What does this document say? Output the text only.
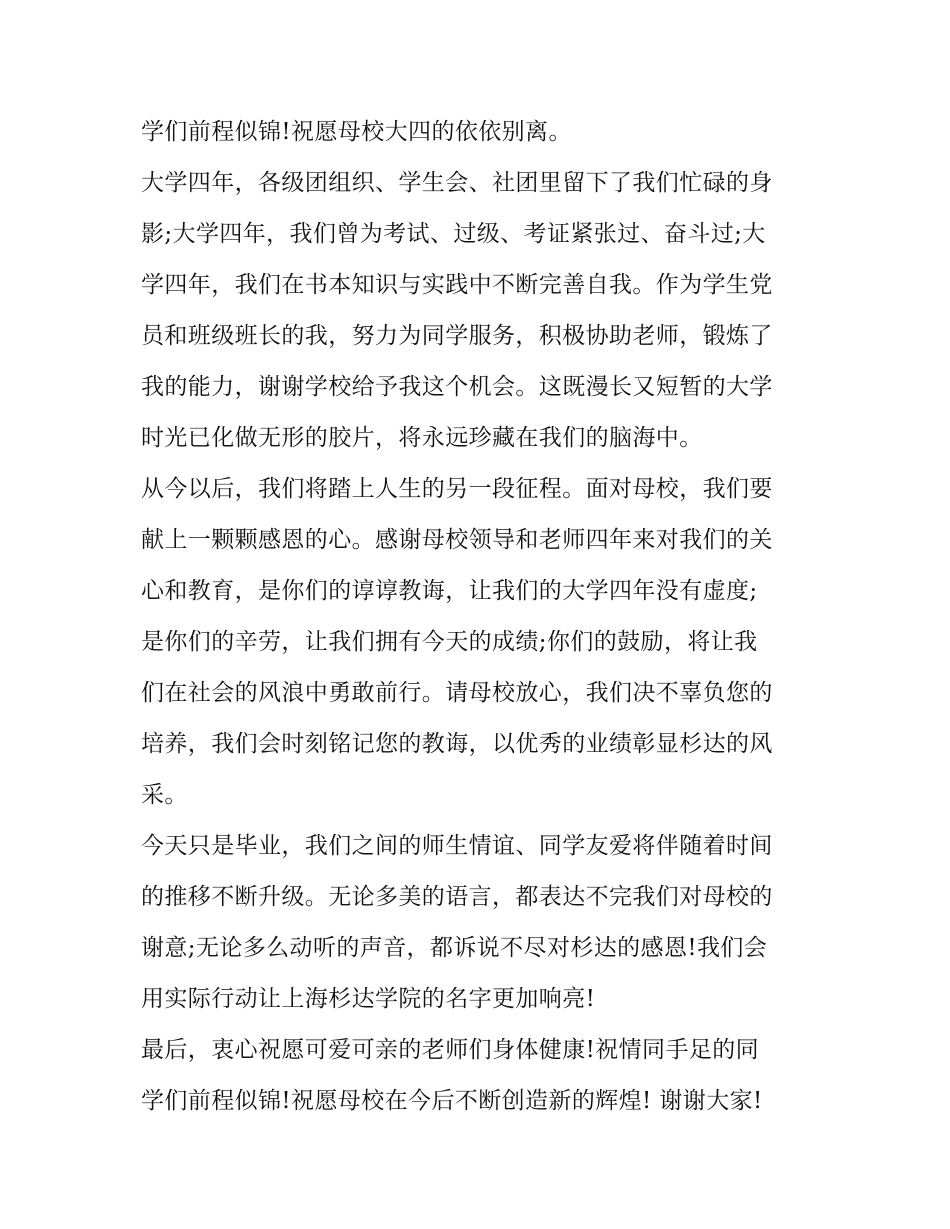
学们前程似锦!祝愿母校大四的依依别离。
大学四年，各级团组织、学生会、社团里留下了我们忙碌的身
影;大学四年，我们曾为考试、过级、考证紧张过、奋斗过;大
学四年，我们在书本知识与实践中不断完善自我。作为学生党
员和班级班长的我，努力为同学服务，积极协助老师，锻炼了
我的能力，谢谢学校给予我这个机会。这既漫长又短暂的大学
时光已化做无形的胶片，将永远珍藏在我们的脑海中。
从今以后，我们将踏上人生的另一段征程。面对母校，我们要
献上一颗颗感恩的心。感谢母校领导和老师四年来对我们的关
心和教育，是你们的谆谆教诲，让我们的大学四年没有虚度;
是你们的辛劳，让我们拥有今天的成绩;你们的鼓励，将让我
们在社会的风浪中勇敢前行。请母校放心，我们决不辜负您的
培养，我们会时刻铭记您的教诲，以优秀的业绩彰显杉达的风
采。
今天只是毕业，我们之间的师生情谊、同学友爱将伴随着时间
的推移不断升级。无论多美的语言，都表达不完我们对母校的
谢意;无论多么动听的声音，都诉说不尽对杉达的感恩!我们会
用实际行动让上海杉达学院的名字更加响亮!
最后，衷心祝愿可爱可亲的老师们身体健康!祝情同手足的同
学们前程似锦!祝愿母校在今后不断创造新的辉煌! 谢谢大家!
